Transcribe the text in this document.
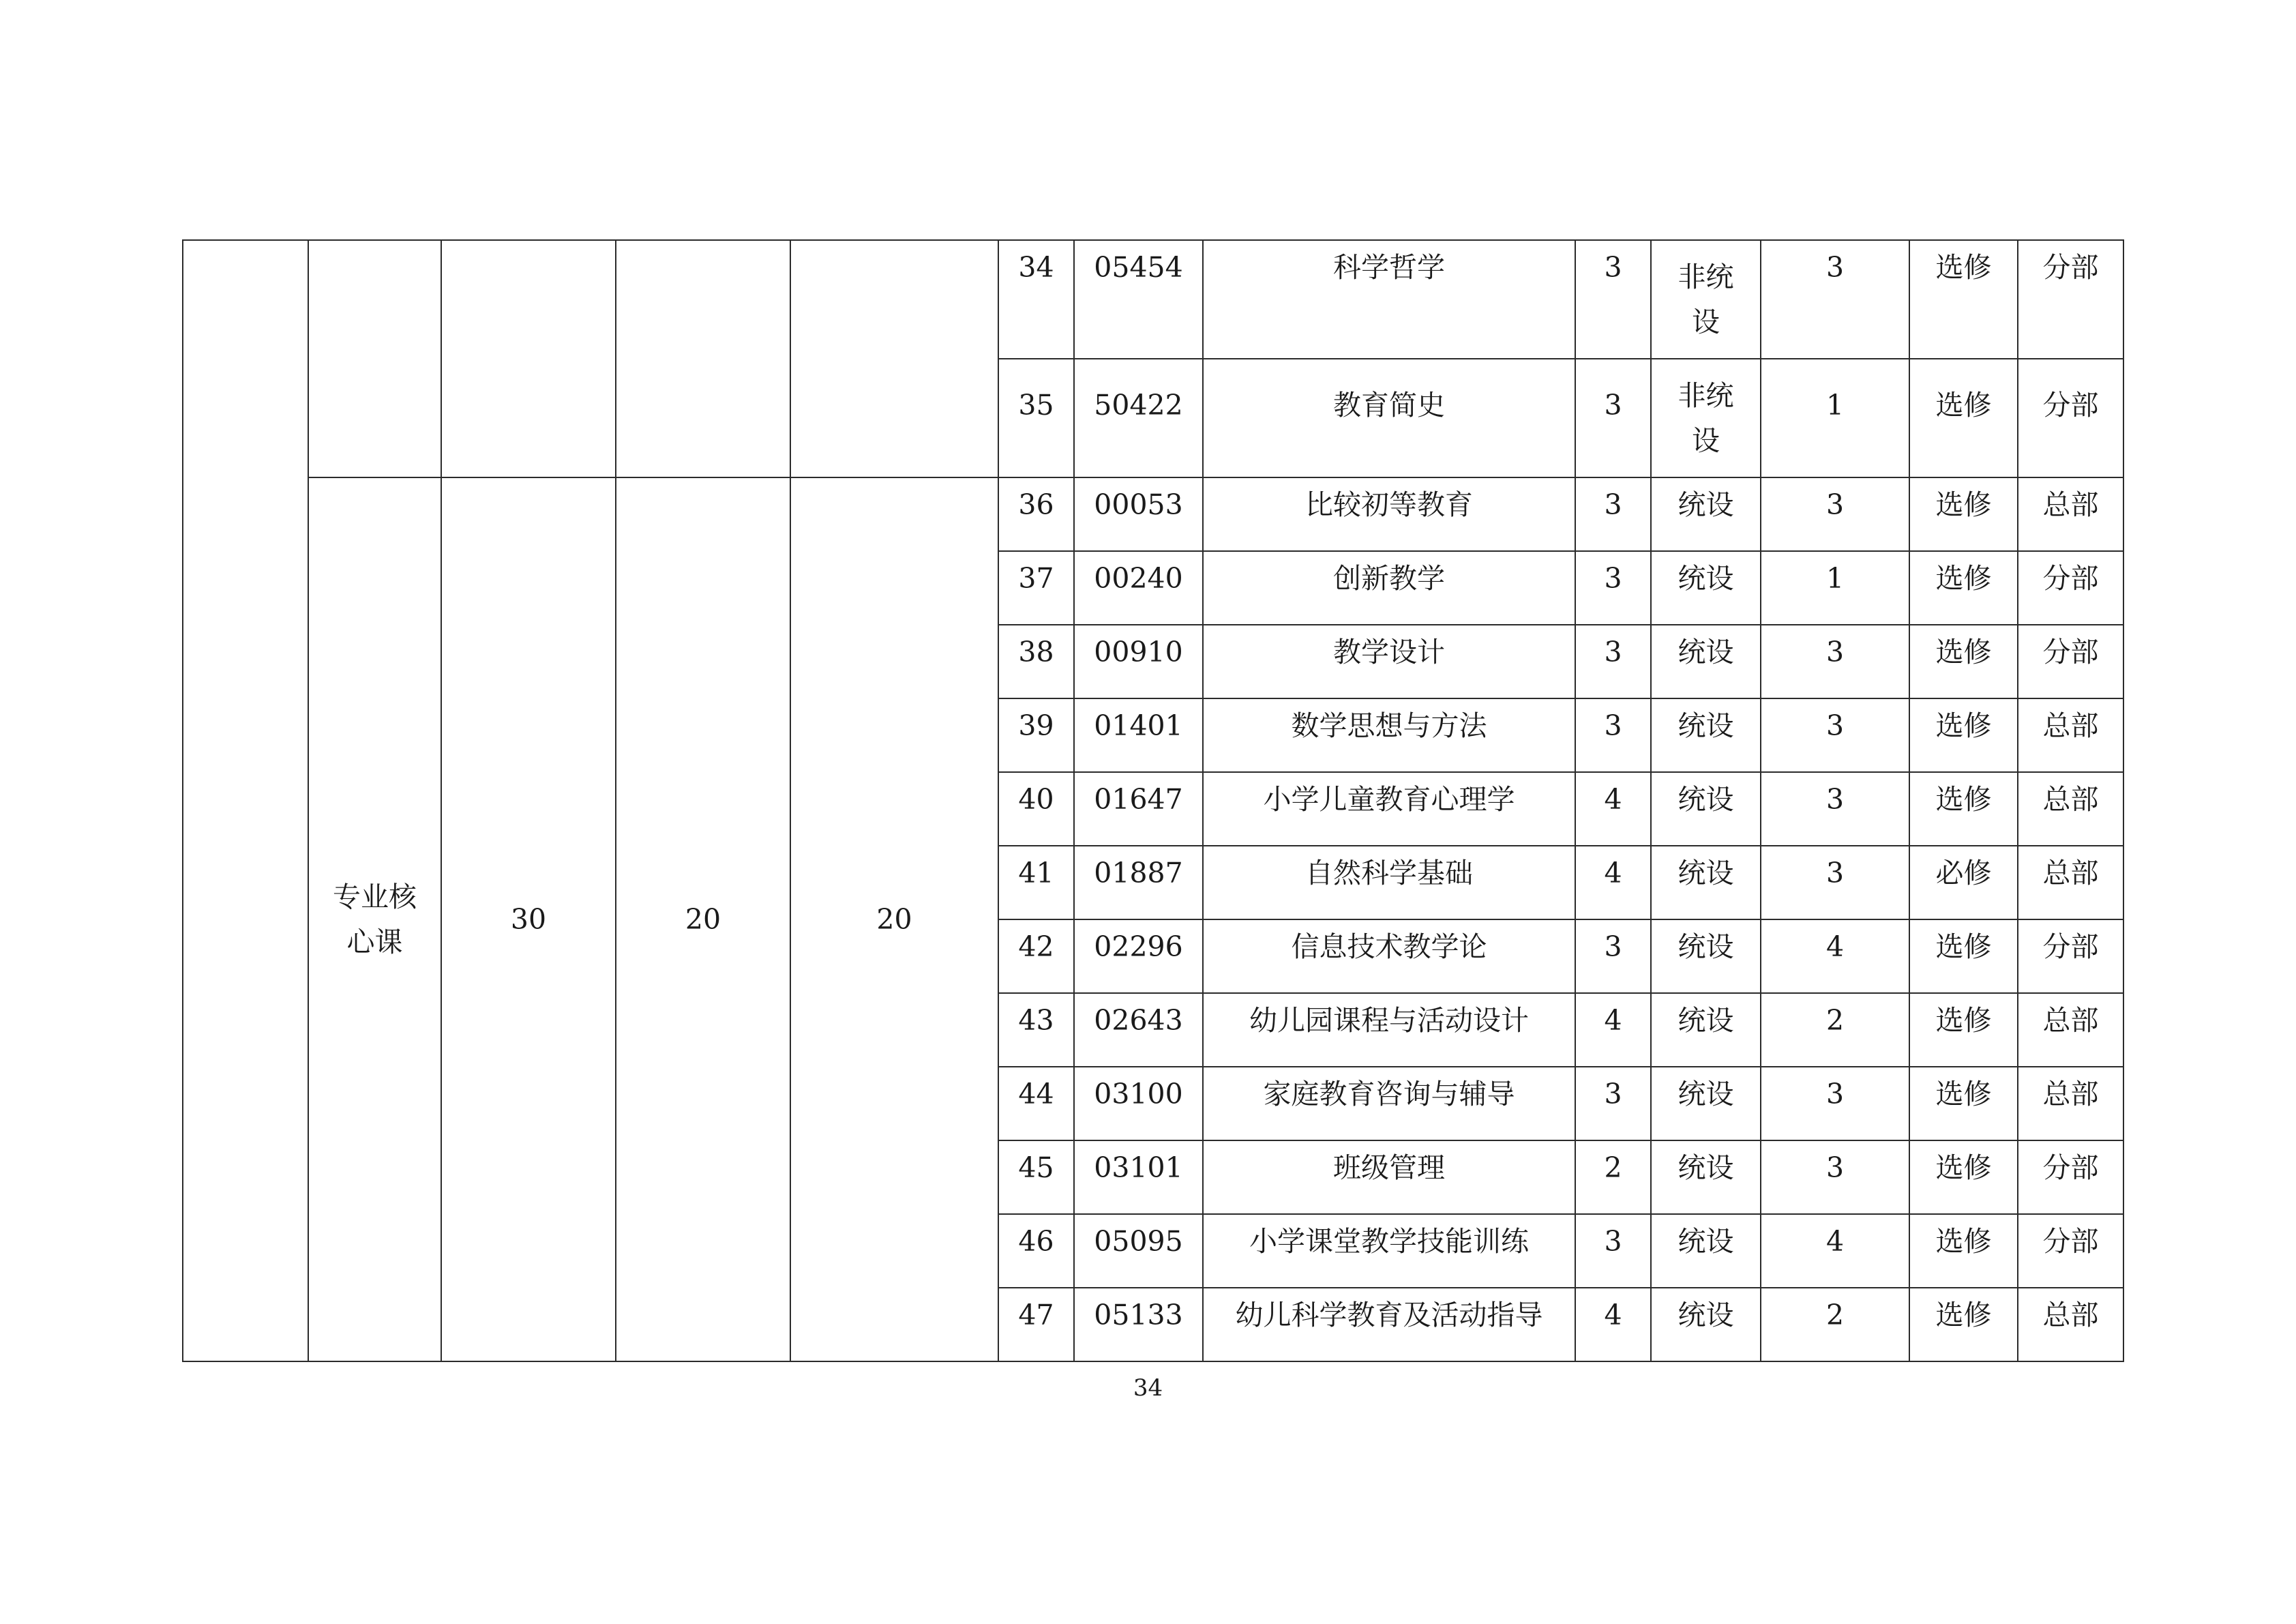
					34	05454	科学哲学	3	非统设	3	选修	分部
					35	50422	教育简史	3	非统设	1	选修	分部
	专业核心课	30	20	20	36	00053	比较初等教育	3	统设	3	选修	总部
					37	00240	创新教学	3	统设	1	选修	分部
					38	00910	教学设计	3	统设	3	选修	分部
					39	01401	数学思想与方法	3	统设	3	选修	总部
					40	01647	小学儿童教育心理学	4	统设	3	选修	总部
					41	01887	自然科学基础	4	统设	3	必修	总部
					42	02296	信息技术教学论	3	统设	4	选修	分部
					43	02643	幼儿园课程与活动设计	4	统设	2	选修	总部
					44	03100	家庭教育咨询与辅导	3	统设	3	选修	总部
					45	03101	班级管理	2	统设	3	选修	分部
					46	05095	小学课堂教学技能训练	3	统设	4	选修	分部
					47	05133	幼儿科学教育及活动指导	4	统设	2	选修	总部
34
